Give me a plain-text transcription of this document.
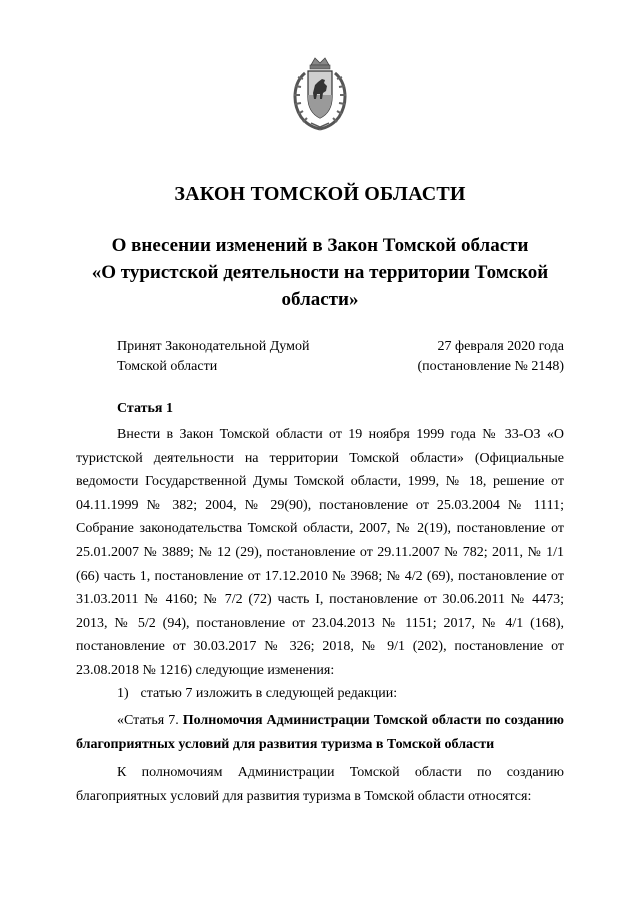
ЗАКОН ТОМСКОЙ ОБЛАСТИ
О внесении изменений в Закон Томской области
«О туристской деятельности на территории Томской
области»
Принят Законодательной Думой
Томской области
27 февраля 2020 года
(постановление № 2148)
Статья 1
Внести в Закон Томской области от 19 ноября 1999 года № 33-ОЗ «О туристской деятельности на территории Томской области» (Официальные ведомости Государственной Думы Томской области, 1999, № 18, решение от 04.11.1999 № 382; 2004, № 29(90), постановление от 25.03.2004 № 1111; Собрание законодательства Томской области, 2007, № 2(19), постановление от 25.01.2007 № 3889; № 12 (29), постановление от 29.11.2007 № 782; 2011, № 1/1 (66) часть 1, постановление от 17.12.2010 № 3968; № 4/2 (69), постановление от 31.03.2011 № 4160; № 7/2 (72) часть I, постановление от 30.06.2011 № 4473; 2013, № 5/2 (94), постановление от 23.04.2013 № 1151; 2017, № 4/1 (168), постановление от 30.03.2017 № 326; 2018, № 9/1 (202), постановление от 23.08.2018 № 1216) следующие изменения:
1) статью 7 изложить в следующей редакции:
«Статья 7. Полномочия Администрации Томской области по созданию благоприятных условий для развития туризма в Томской области
К полномочиям Администрации Томской области по созданию благоприятных условий для развития туризма в Томской области относятся:
